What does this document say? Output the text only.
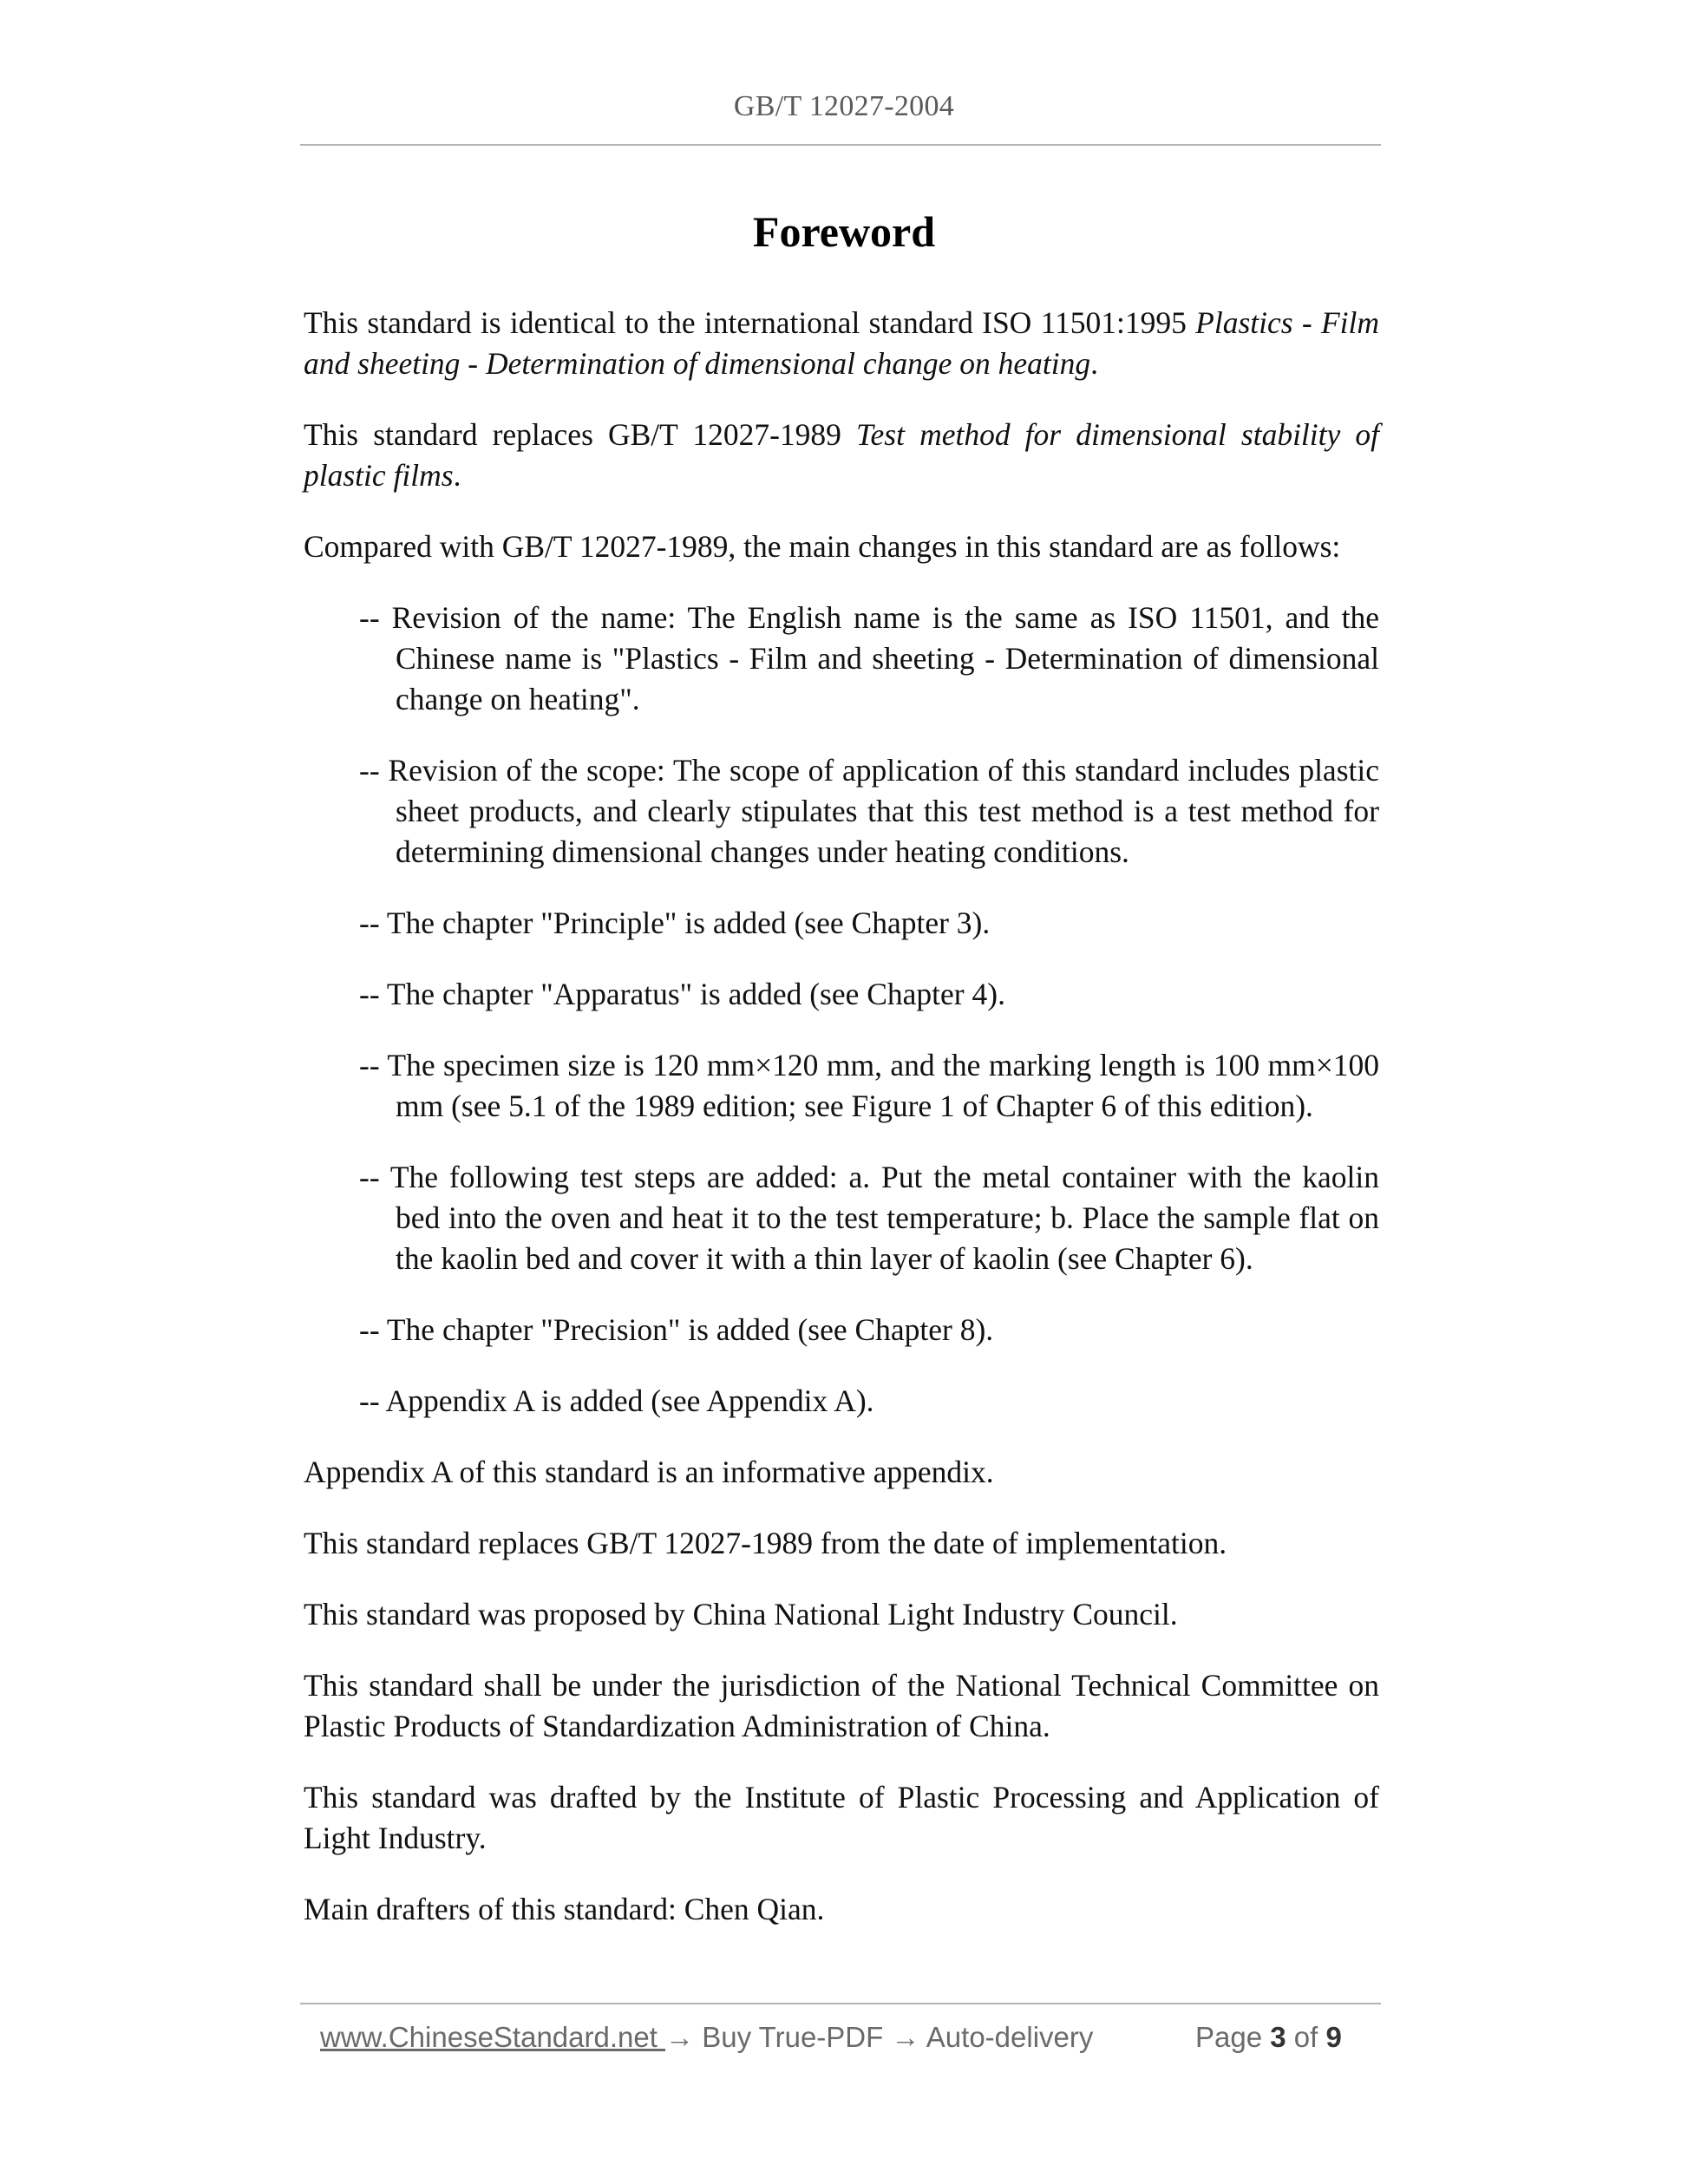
GB/T 12027-2004
Foreword

This standard is identical to the international standard ISO 11501:1995 Plastics - Film and sheeting - Determination of dimensional change on heating.

This standard replaces GB/T 12027-1989 Test method for dimensional stability of plastic films.

Compared with GB/T 12027-1989, the main changes in this standard are as follows:

-- Revision of the name: The English name is the same as ISO 11501, and the Chinese name is "Plastics - Film and sheeting - Determination of dimensional change on heating".

-- Revision of the scope: The scope of application of this standard includes plastic sheet products, and clearly stipulates that this test method is a test method for determining dimensional changes under heating conditions.

-- The chapter "Principle" is added (see Chapter 3).

-- The chapter "Apparatus" is added (see Chapter 4).

-- The specimen size is 120 mm×120 mm, and the marking length is 100 mm×100 mm (see 5.1 of the 1989 edition; see Figure 1 of Chapter 6 of this edition).

-- The following test steps are added: a. Put the metal container with the kaolin bed into the oven and heat it to the test temperature; b. Place the sample flat on the kaolin bed and cover it with a thin layer of kaolin (see Chapter 6).

-- The chapter "Precision" is added (see Chapter 8).

-- Appendix A is added (see Appendix A).

Appendix A of this standard is an informative appendix.

This standard replaces GB/T 12027-1989 from the date of implementation.

This standard was proposed by China National Light Industry Council.

This standard shall be under the jurisdiction of the National Technical Committee on Plastic Products of Standardization Administration of China.

This standard was drafted by the Institute of Plastic Processing and Application of Light Industry.

Main drafters of this standard: Chen Qian.

www.ChineseStandard.net → Buy True-PDF → Auto-delivery	Page 3 of 9
